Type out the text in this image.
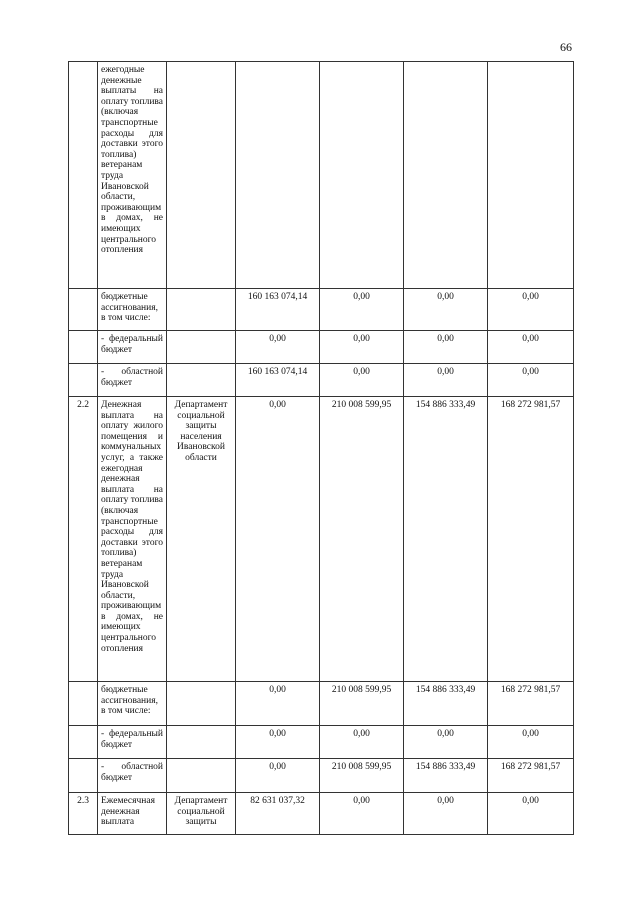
66
	ежегодные денежные выплаты на оплату топлива (включая транспортные расходы для доставки этого топлива) ветеранам труда Ивановской области, проживающим в домах, не имеющих центрального отопления					
	бюджетные ассигнования, в том числе:		160 163 074,14	0,00	0,00	0,00
	- федеральный бюджет		0,00	0,00	0,00	0,00
	- областной бюджет		160 163 074,14	0,00	0,00	0,00
2.2	Денежная выплата на оплату жилого помещения и коммунальных услуг, а также ежегодная денежная выплата на оплату топлива (включая транспортные расходы для доставки этого топлива) ветеранам труда Ивановской области, проживающим в домах, не имеющих центрального отопления	Департамент социальной защиты населения Ивановской области	0,00	210 008 599,95	154 886 333,49	168 272 981,57
	бюджетные ассигнования, в том числе:		0,00	210 008 599,95	154 886 333,49	168 272 981,57
	- федеральный бюджет		0,00	0,00	0,00	0,00
	- областной бюджет		0,00	210 008 599,95	154 886 333,49	168 272 981,57
2.3	Ежемесячная денежная выплата	Департамент социальной защиты	82 631 037,32	0,00	0,00	0,00
